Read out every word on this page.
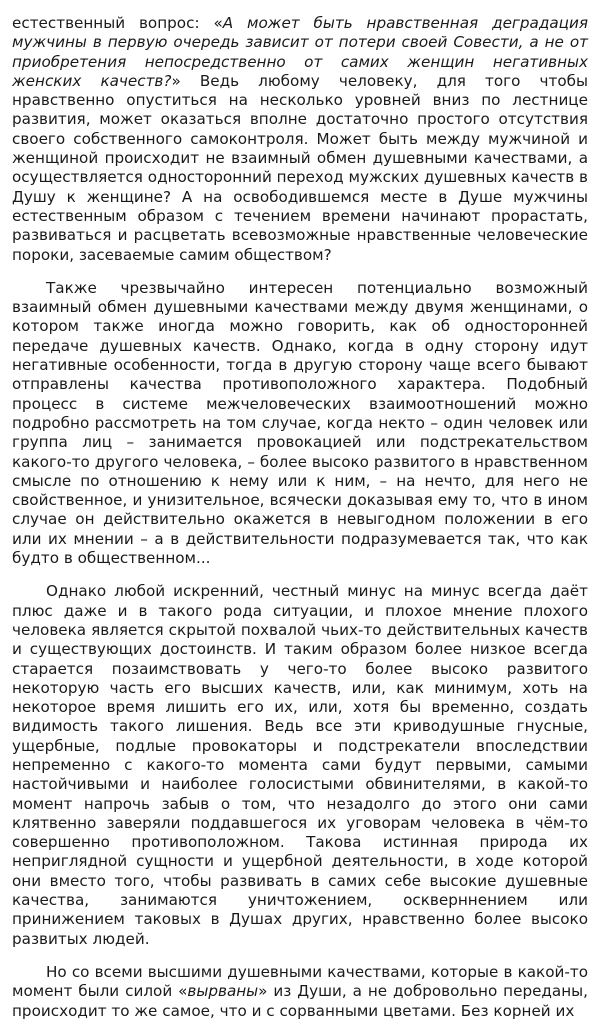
естественный вопрос: «А может быть нравственная деградация мужчины в первую очередь зависит от потери своей Совести, а не от приобретения непосредственно от самих женщин негативных женских качеств?» Ведь любому человеку, для того чтобы нравственно опуститься на несколько уровней вниз по лестнице развития, может оказаться вполне достаточно простого отсутствия своего собственного самоконтроля. Может быть между мужчиной и женщиной происходит не взаимный обмен душевными качествами, а осуществляется односторонний переход мужских душевных качеств в Душу к женщине? А на освободившемся месте в Душе мужчины естественным образом с течением времени начинают прорастать, развиваться и расцветать всевозможные нравственные человеческие пороки, засеваемые самим обществом?

Также чрезвычайно интересен потенциально возможный взаимный обмен душевными качествами между двумя женщинами, о котором также иногда можно говорить, как об односторонней передаче душевных качеств. Однако, когда в одну сторону идут негативные особенности, тогда в другую сторону чаще всего бывают отправлены качества противоположного характера. Подобный процесс в системе межчеловеческих взаимоотношений можно подробно рассмотреть на том случае, когда некто – один человек или группа лиц – занимается провокацией или подстрекательством какого-то другого человека, – более высоко развитого в нравственном смысле по отношению к нему или к ним, – на нечто, для него не свойственное, и унизительное, всячески доказывая ему то, что в ином случае он действительно окажется в невыгодном положении в его или их мнении – а в действительности подразумевается так, что как будто в общественном...

Однако любой искренний, честный минус на минус всегда даёт плюс даже и в такого рода ситуации, и плохое мнение плохого человека является скрытой похвалой чьих-то действительных качеств и существующих достоинств. И таким образом более низкое всегда старается позаимствовать у чего-то более высоко развитого некоторую часть его высших качеств, или, как минимум, хоть на некоторое время лишить его их, или, хотя бы временно, создать видимость такого лишения. Ведь все эти криводушные гнусные, ущербные, подлые провокаторы и подстрекатели впоследствии непременно с какого-то момента сами будут первыми, самыми настойчивыми и наиболее голосистыми обвинителями, в какой-то момент напрочь забыв о том, что незадолго до этого они сами клятвенно заверяли поддавшегося их уговорам человека в чём-то совершенно противоположном. Такова истинная природа их непригляднoй сущности и ущербной деятельности, в ходе которой они вместо того, чтобы развивать в самих себе высокие душевные качества, занимаются уничтожением, оскверннением или принижением таковых в Душах других, нравственно более высоко развитых людей.

Но со всеми высшими душевными качествами, которые в какой-то момент были силой «вырваны» из Души, а не добровольно переданы, происходит то же самое, что и с сорванными цветами. Без корней их
